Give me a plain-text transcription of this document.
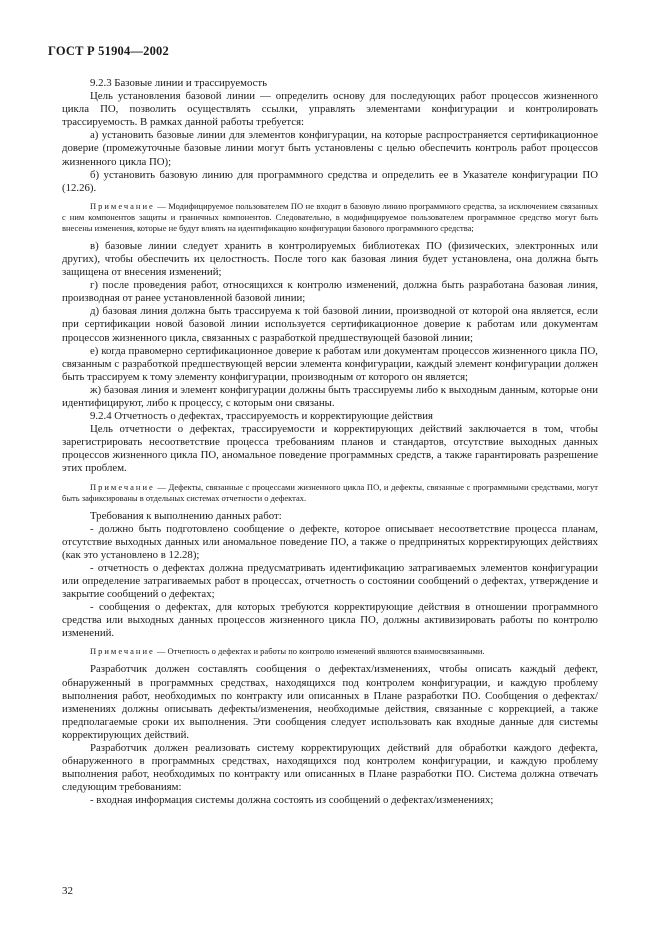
ГОСТ Р 51904—2002

9.2.3 Базовые линии и трассируемость

Цель установления базовой линии — определить основу для последующих работ процессов жизненного цикла ПО, позволить осуществлять ссылки, управлять элементами конфигурации и контролировать трассируемость. В рамках данной работы требуется:

а) установить базовые линии для элементов конфигурации, на которые распространяется сертификационное доверие (промежуточные базовые линии могут быть установлены с целью обеспечить контроль работ процессов жизненного цикла ПО);

б) установить базовую линию для программного средства и определить ее в Указателе конфигурации ПО (12.26).

Примечание — Модифицируемое пользователем ПО не входит в базовую линию программного средства, за исключением связанных с ним компонентов защиты и граничных компонентов. Следовательно, в модифицируемое пользователем программное средство могут быть внесены изменения, которые не будут влиять на идентификацию конфигурации базового программного средства;

в) базовые линии следует хранить в контролируемых библиотеках ПО (физических, электронных или других), чтобы обеспечить их целостность. После того как базовая линия будет установлена, она должна быть защищена от внесения изменений;

г) после проведения работ, относящихся к контролю изменений, должна быть разработана базовая линия, производная от ранее установленной базовой линии;

д) базовая линия должна быть трассируема к той базовой линии, производной от которой она является, если при сертификации новой базовой линии используется сертификационное доверие к работам или документам процессов жизненного цикла, связанных с разработкой предшествующей базовой линии;

е) когда правомерно сертификационное доверие к работам или документам процессов жизненного цикла ПО, связанным с разработкой предшествующей версии элемента конфигурации, каждый элемент конфигурации должен быть трассируем к тому элементу конфигурации, производным от которого он является;

ж) базовая линия и элемент конфигурации должны быть трассируемы либо к выходным данным, которые они идентифицируют, либо к процессу, с которым они связаны.

9.2.4 Отчетность о дефектах, трассируемость и корректирующие действия

Цель отчетности о дефектах, трассируемости и корректирующих действий заключается в том, чтобы зарегистрировать несоответствие процесса требованиям планов и стандартов, отсутствие выходных данных процессов жизненного цикла ПО, аномальное поведение программных средств, а также гарантировать разрешение этих проблем.

Примечание — Дефекты, связанные с процессами жизненного цикла ПО, и дефекты, связанные с программными средствами, могут быть зафиксированы в отдельных системах отчетности о дефектах.

Требования к выполнению данных работ:

- должно быть подготовлено сообщение о дефекте, которое описывает несоответствие процесса планам, отсутствие выходных данных или аномальное поведение ПО, а также о предпринятых корректирующих действиях (как это установлено в 12.28);

- отчетность о дефектах должна предусматривать идентификацию затрагиваемых элементов конфигурации или определение затрагиваемых работ в процессах, отчетность о состоянии сообщений о дефектах, утверждение и закрытие сообщений о дефектах;

- сообщения о дефектах, для которых требуются корректирующие действия в отношении программного средства или выходных данных процессов жизненного цикла ПО, должны активизировать работы по контролю изменений.

Примечание — Отчетность о дефектах и работы по контролю изменений являются взаимосвязанными.

Разработчик должен составлять сообщения о дефектах/изменениях, чтобы описать каждый дефект, обнаруженный в программных средствах, находящихся под контролем конфигурации, и каждую проблему выполнения работ, необходимых по контракту или описанных в Плане разработки ПО. Сообщения о дефектах/изменениях должны описывать дефекты/изменения, необходимые действия, связанные с коррекцией, а также предполагаемые сроки их выполнения. Эти сообщения следует использовать как входные данные для системы корректирующих действий.

Разработчик должен реализовать систему корректирующих действий для обработки каждого дефекта, обнаруженного в программных средствах, находящихся под контролем конфигурации, и каждую проблему выполнения работ, необходимых по контракту или описанных в Плане разработки ПО. Система должна отвечать следующим требованиям:

- входная информация системы должна состоять из сообщений о дефектах/изменениях;

32
